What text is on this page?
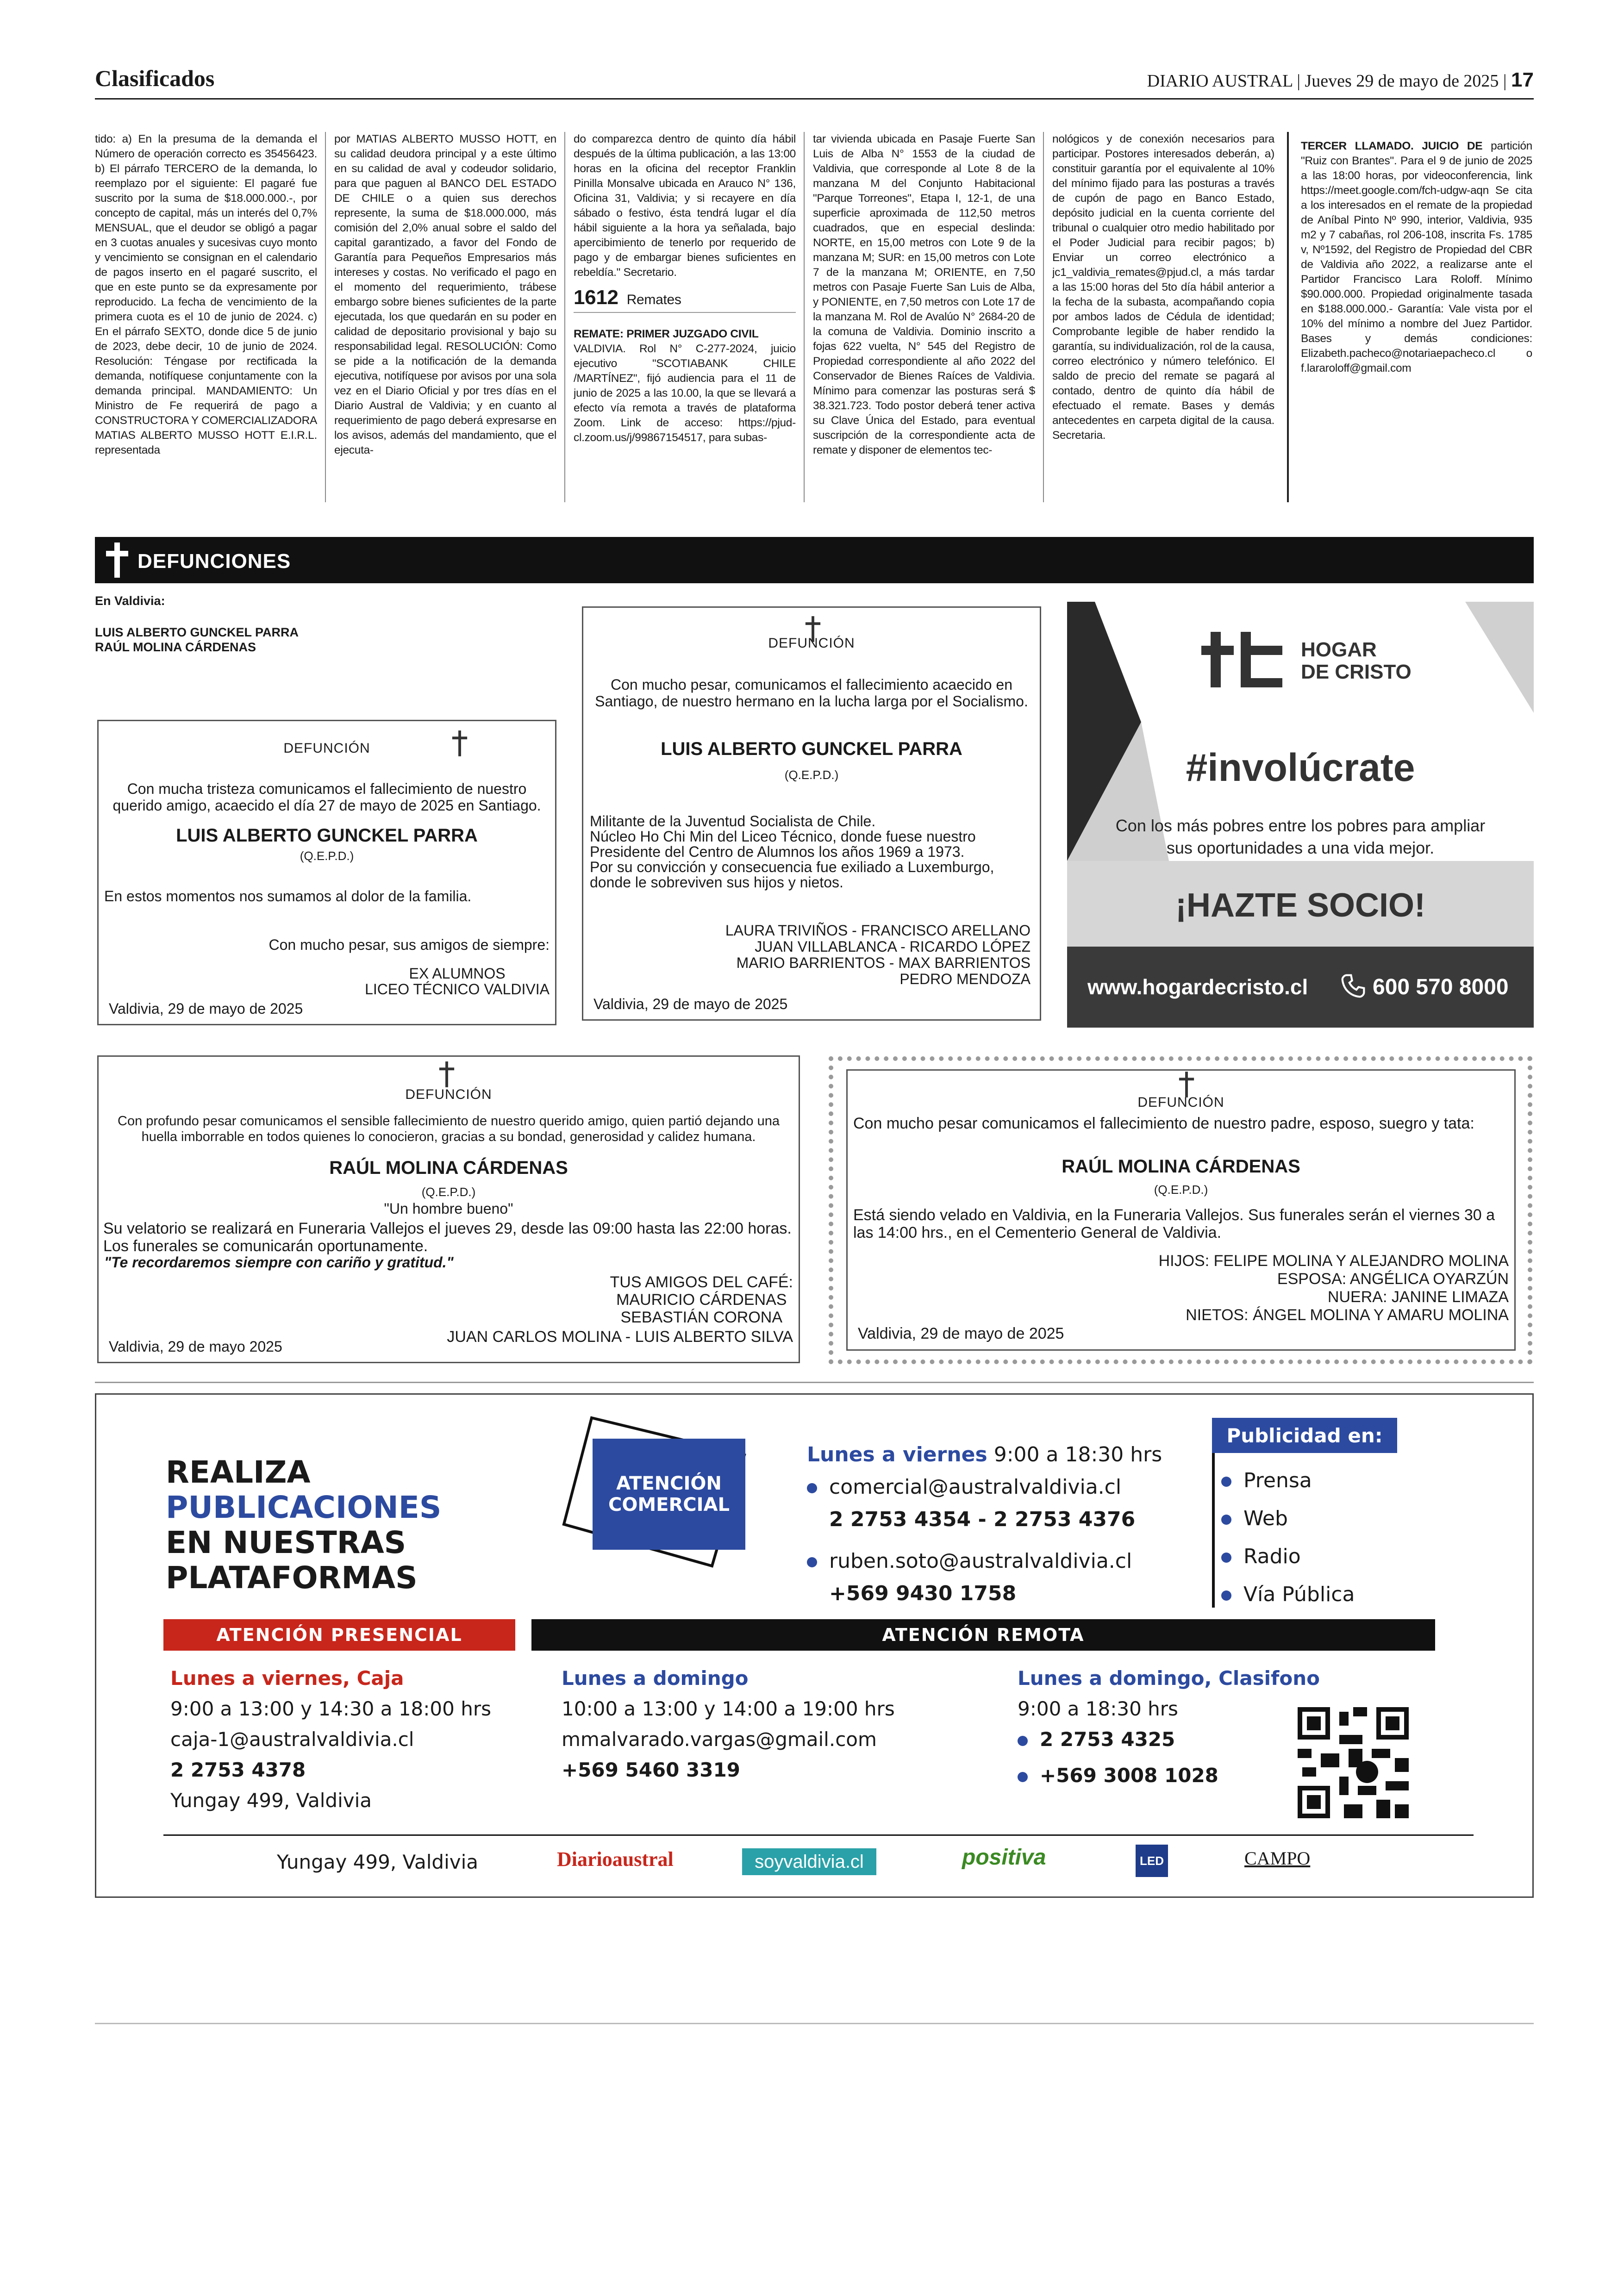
Clasificados	DIARIO AUSTRAL | Jueves 29 de mayo de 2025 | 17

tido: a) En la presuma de la demanda el Número de operación correcto es 35456423. b) El párrafo TERCERO de la demanda, lo reemplazo por el siguiente: El pagaré fue suscrito por la suma de $18.000.000.-, por concepto de capital, más un interés del 0,7% MENSUAL, que el deudor se obligó a pagar en 3 cuotas anuales y sucesivas cuyo monto y vencimiento se consignan en el calendario de pagos inserto en el pagaré suscrito, el que en este punto se da expresamente por reproducido. La fecha de vencimiento de la primera cuota es el 10 de junio de 2024. c) En el párrafo SEXTO, donde dice 5 de junio de 2023, debe decir, 10 de junio de 2024. Resolución: Téngase por rectificada la demanda, notifíquese conjuntamente con la demanda principal. MANDAMIENTO: Un Ministro de Fe requerirá de pago a CONSTRUCTORA Y COMERCIALIZADORA MATIAS ALBERTO MUSSO HOTT E.I.R.L. representada

por MATIAS ALBERTO MUSSO HOTT, en su calidad deudora principal y a este último en su calidad de aval y codeudor solidario, para que paguen al BANCO DEL ESTADO DE CHILE o a quien sus derechos represente, la suma de $18.000.000, más comisión del 2,0% anual sobre el saldo del capital garantizado, a favor del Fondo de Garantía para Pequeños Empresarios más intereses y costas. No verificado el pago en el momento del requerimiento, trábese embargo sobre bienes suficientes de la parte ejecutada, los que quedarán en su poder en calidad de depositario provisional y bajo su responsabilidad legal. RESOLUCIÓN: Como se pide a la notificación de la demanda ejecutiva, notifíquese por avisos por una sola vez en el Diario Oficial y por tres días en el Diario Austral de Valdivia; y en cuanto al requerimiento de pago deberá expresarse en los avisos, además del mandamiento, que el ejecuta-

do comparezca dentro de quinto día hábil después de la última publicación, a las 13:00 horas en la oficina del receptor Franklin Pinilla Monsalve ubicada en Arauco N° 136, Oficina 31, Valdivia; y si recayere en día sábado o festivo, ésta tendrá lugar el día hábil siguiente a la hora ya señalada, bajo apercibimiento de tenerlo por requerido de pago y de embargar bienes suficientes en rebeldía." Secretario.

1612 Remates

REMATE: PRIMER JUZGADO CIVIL

VALDIVIA. Rol N° C-277-2024, juicio ejecutivo "SCOTIABANK CHILE /MARTÍNEZ", fijó audiencia para el 11 de junio de 2025 a las 10.00, la que se llevará a efecto vía remota a través de plataforma Zoom. Link de acceso: https://pjud-cl.zoom.us/j/99867154517, para subas-

tar vivienda ubicada en Pasaje Fuerte San Luis de Alba N° 1553 de la ciudad de Valdivia, que corresponde al Lote 8 de la manzana M del Conjunto Habitacional "Parque Torreones", Etapa I, 12-1, de una superficie aproximada de 112,50 metros cuadrados, que en especial deslinda: NORTE, en 15,00 metros con Lote 9 de la manzana M; SUR: en 15,00 metros con Lote 7 de la manzana M; ORIENTE, en 7,50 metros con Pasaje Fuerte San Luis de Alba, y PONIENTE, en 7,50 metros con Lote 17 de la manzana M. Rol de Avalúo N° 2684-20 de la comuna de Valdivia. Dominio inscrito a fojas 622 vuelta, N° 545 del Registro de Propiedad correspondiente al año 2022 del Conservador de Bienes Raíces de Valdivia. Mínimo para comenzar las posturas será $ 38.321.723. Todo postor deberá tener activa su Clave Única del Estado, para eventual suscripción de la correspondiente acta de remate y disponer de elementos tec-

nológicos y de conexión necesarios para participar. Postores interesados deberán, a) constituir garantía por el equivalente al 10% del mínimo fijado para las posturas a través de cupón de pago en Banco Estado, depósito judicial en la cuenta corriente del tribunal o cualquier otro medio habilitado por el Poder Judicial para recibir pagos; b) Enviar un correo electrónico a jc1_valdivia_remates@pjud.cl, a más tardar a las 15:00 horas del 5to día hábil anterior a la fecha de la subasta, acompañando copia por ambos lados de Cédula de identidad; Comprobante legible de haber rendido la garantía, su individualización, rol de la causa, correo electrónico y número telefónico. El saldo de precio del remate se pagará al contado, dentro de quinto día hábil de efectuado el remate. Bases y demás antecedentes en carpeta digital de la causa. Secretaria.

TERCER LLAMADO. JUICIO DE partición "Ruiz con Brantes". Para el 9 de junio de 2025 a las 18:00 horas, por videoconferencia, link https://meet.google.com/fch-udgw-aqn Se cita a los interesados en el remate de la propiedad de Aníbal Pinto Nº 990, interior, Valdivia, 935 m2 y 7 cabañas, rol 206-108, inscrita Fs. 1785 v, Nº1592, del Registro de Propiedad del CBR de Valdivia año 2022, a realizarse ante el Partidor Francisco Lara Roloff. Mínimo $90.000.000. Propiedad originalmente tasada en $188.000.000.- Garantía: Vale vista por el 10% del mínimo a nombre del Juez Partidor. Bases y demás condiciones: Elizabeth.pacheco@notariaepacheco.cl o f.lararoloff@gmail.com

DEFUNCIONES
En Valdivia:
LUIS ALBERTO GUNCKEL PARRA
RAÚL MOLINA CÁRDENAS
DEFUNCIÓN
Con mucha tristeza comunicamos el fallecimiento de nuestro querido amigo, acaecido el día 27 de mayo de 2025 en Santiago.
LUIS ALBERTO GUNCKEL PARRA
(Q.E.P.D.)
En estos momentos nos sumamos al dolor de la familia.
Con mucho pesar, sus amigos de siempre:
EX ALUMNOS
LICEO TÉCNICO VALDIVIA
Valdivia, 29 de mayo de 2025
DEFUNCIÓN
Con mucho pesar, comunicamos el fallecimiento acaecido en Santiago, de nuestro hermano en la lucha larga por el Socialismo.
LUIS ALBERTO GUNCKEL PARRA
(Q.E.P.D.)
Militante de la Juventud Socialista de Chile.
Núcleo Ho Chi Min del Liceo Técnico, donde fuese nuestro Presidente del Centro de Alumnos los años 1969 a 1973.
Por su convicción y consecuencia fue exiliado a Luxemburgo, donde le sobreviven sus hijos y nietos.
LAURA TRIVIÑOS - FRANCISCO ARELLANO
JUAN VILLABLANCA - RICARDO LÓPEZ
MARIO BARRIENTOS - MAX BARRIENTOS
PEDRO MENDOZA
Valdivia, 29 de mayo de 2025
HOGAR
DE CRISTO
#involúcrate
Con los más pobres entre los pobres para ampliar
sus oportunidades a una vida mejor.
¡HAZTE SOCIO!
www.hogardecristo.cl	600 570 8000
DEFUNCIÓN
Con profundo pesar comunicamos el sensible fallecimiento de nuestro querido amigo, quien partió dejando una huella imborrable en todos quienes lo conocieron, gracias a su bondad, generosidad y calidez humana.
RAÚL MOLINA CÁRDENAS
(Q.E.P.D.)
"Un hombre bueno"
Su velatorio se realizará en Funeraria Vallejos el jueves 29, desde las 09:00 hasta las 22:00 horas. Los funerales se comunicarán oportunamente.
"Te recordaremos siempre con cariño y gratitud."
TUS AMIGOS DEL CAFÉ:
MAURICIO CÁRDENAS
SEBASTIÁN CORONA
JUAN CARLOS MOLINA - LUIS ALBERTO SILVA
Valdivia, 29 de mayo 2025
DEFUNCIÓN
Con mucho pesar comunicamos el fallecimiento de nuestro padre, esposo, suegro y tata:
RAÚL MOLINA CÁRDENAS
(Q.E.P.D.)
Está siendo velado en Valdivia, en la Funeraria Vallejos. Sus funerales serán el viernes 30 a las 14:00 hrs., en el Cementerio General de Valdivia.
HIJOS: FELIPE MOLINA Y ALEJANDRO MOLINA
ESPOSA: ANGÉLICA OYARZÚN
NUERA: JANINE LIMAZA
NIETOS: ÁNGEL MOLINA Y AMARU MOLINA
Valdivia, 29 de mayo de 2025
REALIZA
PUBLICACIONES
EN NUESTRAS
PLATAFORMAS
ATENCIÓN COMERCIAL
Lunes a viernes 9:00 a 18:30 hrs
comercial@australvaldivia.cl
2 2753 4354 - 2 2753 4376
ruben.soto@australvaldivia.cl
+569 9430 1758
Publicidad en:
Prensa
Web
Radio
Vía Pública
ATENCIÓN PRESENCIAL	ATENCIÓN REMOTA
Lunes a viernes, Caja
9:00 a 13:00 y 14:30 a 18:00 hrs
caja-1@australvaldivia.cl
2 2753 4378
Yungay 499, Valdivia
Lunes a domingo
10:00 a 13:00 y 14:00 a 19:00 hrs
mmalvarado.vargas@gmail.com
+569 5460 3319
Lunes a domingo, Clasifono
9:00 a 18:30 hrs
2 2753 4325
+569 3008 1028
Yungay 499, Valdivia	Diarioaustral	soyvaldivia.cl	positiva	LED	CAMPO
